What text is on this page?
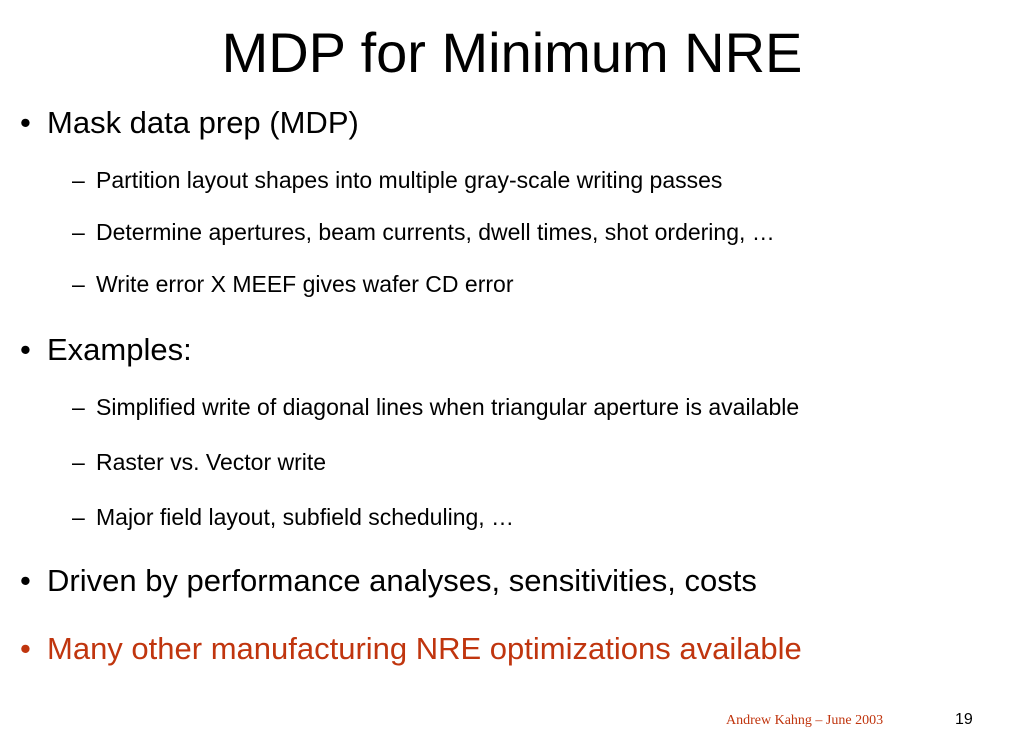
MDP for Minimum NRE
• Mask data prep (MDP)
– Partition layout shapes into multiple gray-scale writing passes
– Determine apertures, beam currents, dwell times, shot ordering, …
– Write error X MEEF gives wafer CD error
• Examples:
– Simplified write of diagonal lines when triangular aperture is available
– Raster vs. Vector write
– Major field layout, subfield scheduling, …
• Driven by performance analyses, sensitivities, costs
• Many other manufacturing NRE optimizations available
Andrew Kahng – June 2003	19
